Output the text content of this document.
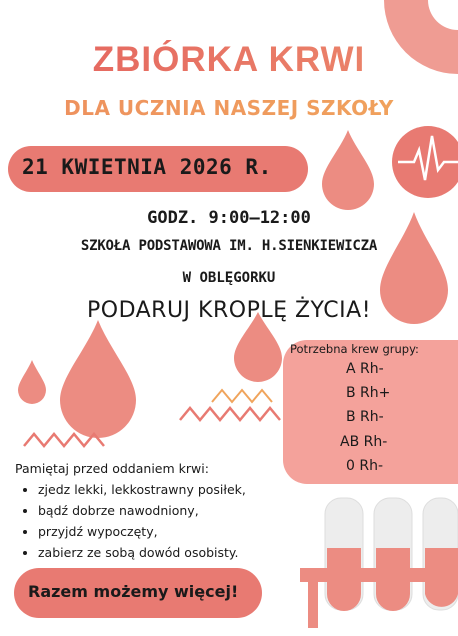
ZBIÓRKA KRWI
DLA UCZNIA NASZEJ SZKOŁY
21 KWIETNIA 2026 R.
GODZ. 9:00–12:00
SZKOŁA PODSTAWOWA IM. H.SIENKIEWICZA
W OBLĘGORKU
PODARUJ KROPLĘ ŻYCIA!
Potrzebna krew grupy:
A Rh-
B Rh+
B Rh-
AB Rh-
0 Rh-
Pamiętaj przed oddaniem krwi:
• zjedz lekki, lekkostrawny posiłek,
• bądź dobrze nawodniony,
• przyjdź wypoczęty,
• zabierz ze sobą dowód osobisty.
Razem możemy więcej!
